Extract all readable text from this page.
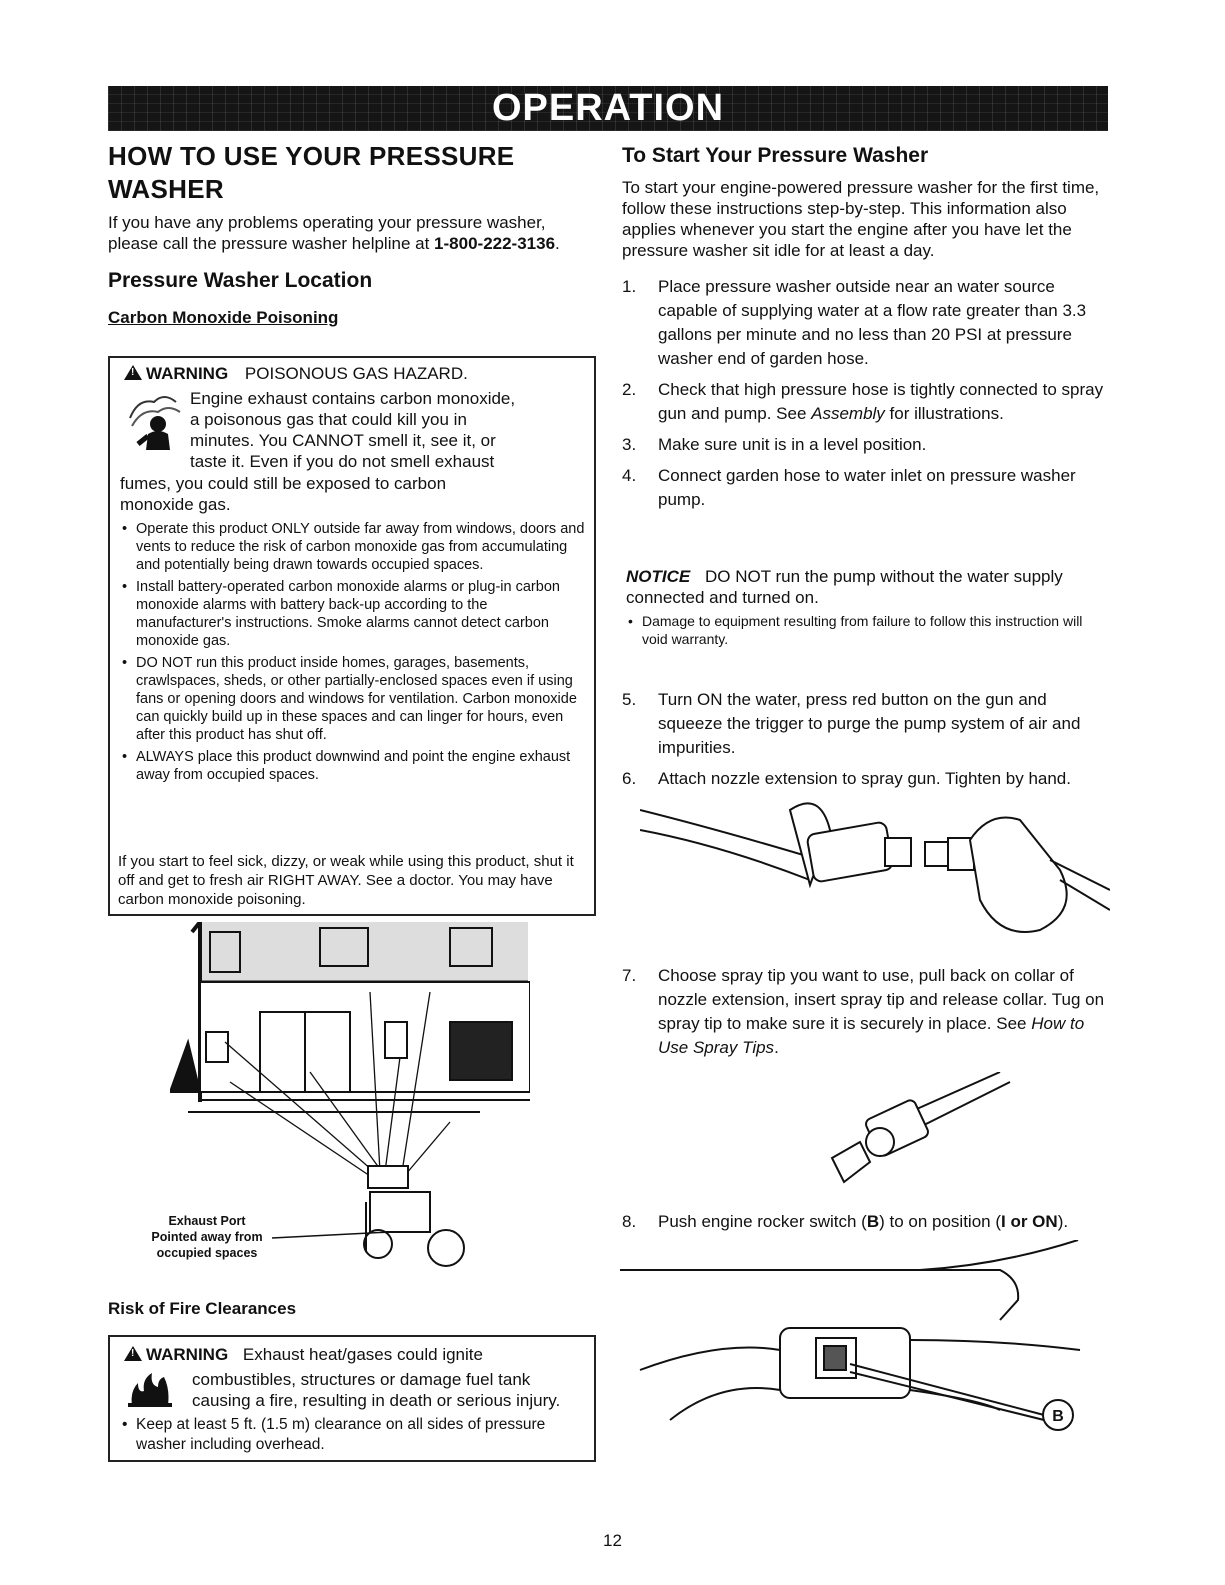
OPERATION
HOW TO USE YOUR PRESSURE WASHER
If you have any problems operating your pressure washer, please call the pressure washer helpline at 1-800-222-3136.
Pressure Washer Location
Carbon Monoxide Poisoning
!WARNING POISONOUS GAS HAZARD.
Engine exhaust contains carbon monoxide,
a poisonous gas that could kill you in
minutes. You CANNOT smell it, see it, or
taste it. Even if you do not smell exhaust
fumes, you could still be exposed to carbon
monoxide gas.
• Operate this product ONLY outside far away from windows, doors and vents to reduce the risk of carbon monoxide gas from accumulating and potentially being drawn towards occupied spaces.
• Install battery-operated carbon monoxide alarms or plug-in carbon monoxide alarms with battery back-up according to the manufacturer's instructions. Smoke alarms cannot detect carbon monoxide gas.
• DO NOT run this product inside homes, garages, basements, crawlspaces, sheds, or other partially-enclosed spaces even if using fans or opening doors and windows for ventilation. Carbon monoxide can quickly build up in these spaces and can linger for hours, even after this product has shut off.
• ALWAYS place this product downwind and point the engine exhaust away from occupied spaces.
If you start to feel sick, dizzy, or weak while using this product, shut it off and get to fresh air RIGHT AWAY. See a doctor. You may have carbon monoxide poisoning.
Exhaust Port
Pointed away from
occupied spaces
Risk of Fire Clearances
!WARNING Exhaust heat/gases could ignite
combustibles, structures or damage fuel tank
causing a fire, resulting in death or serious injury.
• Keep at least 5 ft. (1.5 m) clearance on all sides of pressure washer including overhead.
To Start Your Pressure Washer
To start your engine-powered pressure washer for the first time, follow these instructions step-by-step. This information also applies whenever you start the engine after you have let the pressure washer sit idle for at least a day.
1. Place pressure washer outside near an water source capable of supplying water at a flow rate greater than 3.3 gallons per minute and no less than 20 PSI at pressure washer end of garden hose.
2. Check that high pressure hose is tightly connected to spray gun and pump. See Assembly for illustrations.
3. Make sure unit is in a level position.
4. Connect garden hose to water inlet on pressure washer pump.
NOTICE DO NOT run the pump without the water supply connected and turned on.
• Damage to equipment resulting from failure to follow this instruction will void warranty.
5. Turn ON the water, press red button on the gun and squeeze the trigger to purge the pump system of air and impurities.
6. Attach nozzle extension to spray gun. Tighten by hand.
7. Choose spray tip you want to use, pull back on collar of nozzle extension, insert spray tip and release collar. Tug on spray tip to make sure it is securely in place. See How to Use Spray Tips.
8. Push engine rocker switch (B) to on position (I or ON).
B
12
